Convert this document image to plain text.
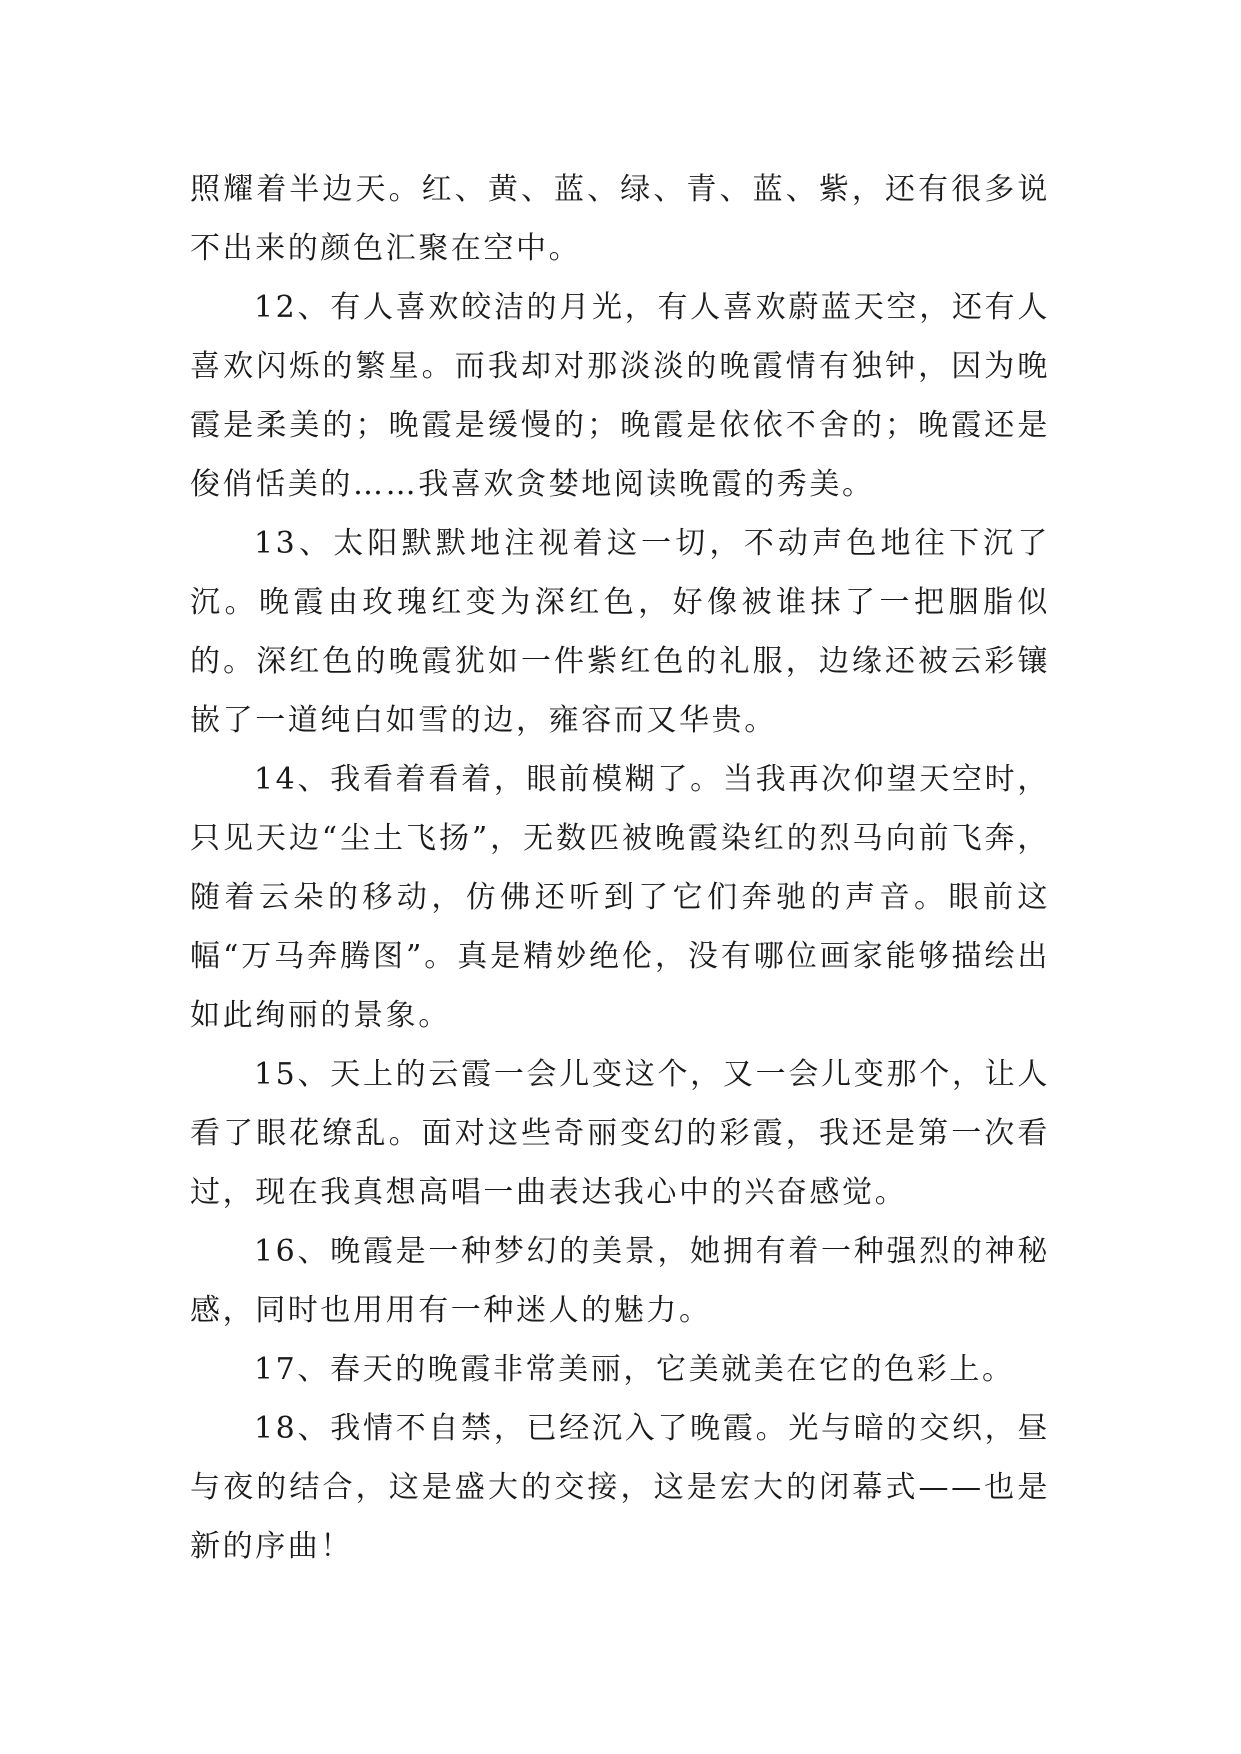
照耀着半边天。红、黄、蓝、绿、青、蓝、紫，还有很多说不出来的颜色汇聚在空中。

12、有人喜欢皎洁的月光，有人喜欢蔚蓝天空，还有人喜欢闪烁的繁星。而我却对那淡淡的晚霞情有独钟，因为晚霞是柔美的；晚霞是缓慢的；晚霞是依依不舍的；晚霞还是俊俏恬美的……我喜欢贪婪地阅读晚霞的秀美。

13、太阳默默地注视着这一切，不动声色地往下沉了沉。晚霞由玫瑰红变为深红色，好像被谁抹了一把胭脂似的。深红色的晚霞犹如一件紫红色的礼服，边缘还被云彩镶嵌了一道纯白如雪的边，雍容而又华贵。

14、我看着看着，眼前模糊了。当我再次仰望天空时，只见天边“尘土飞扬”，无数匹被晚霞染红的烈马向前飞奔，随着云朵的移动，仿佛还听到了它们奔驰的声音。眼前这幅“万马奔腾图”。真是精妙绝伦，没有哪位画家能够描绘出如此绚丽的景象。

15、天上的云霞一会儿变这个，又一会儿变那个，让人看了眼花缭乱。面对这些奇丽变幻的彩霞，我还是第一次看过，现在我真想高唱一曲表达我心中的兴奋感觉。

16、晚霞是一种梦幻的美景，她拥有着一种强烈的神秘感，同时也用用有一种迷人的魅力。

17、春天的晚霞非常美丽，它美就美在它的色彩上。

18、我情不自禁，已经沉入了晚霞。光与暗的交织，昼与夜的结合，这是盛大的交接，这是宏大的闭幕式——也是新的序曲！
